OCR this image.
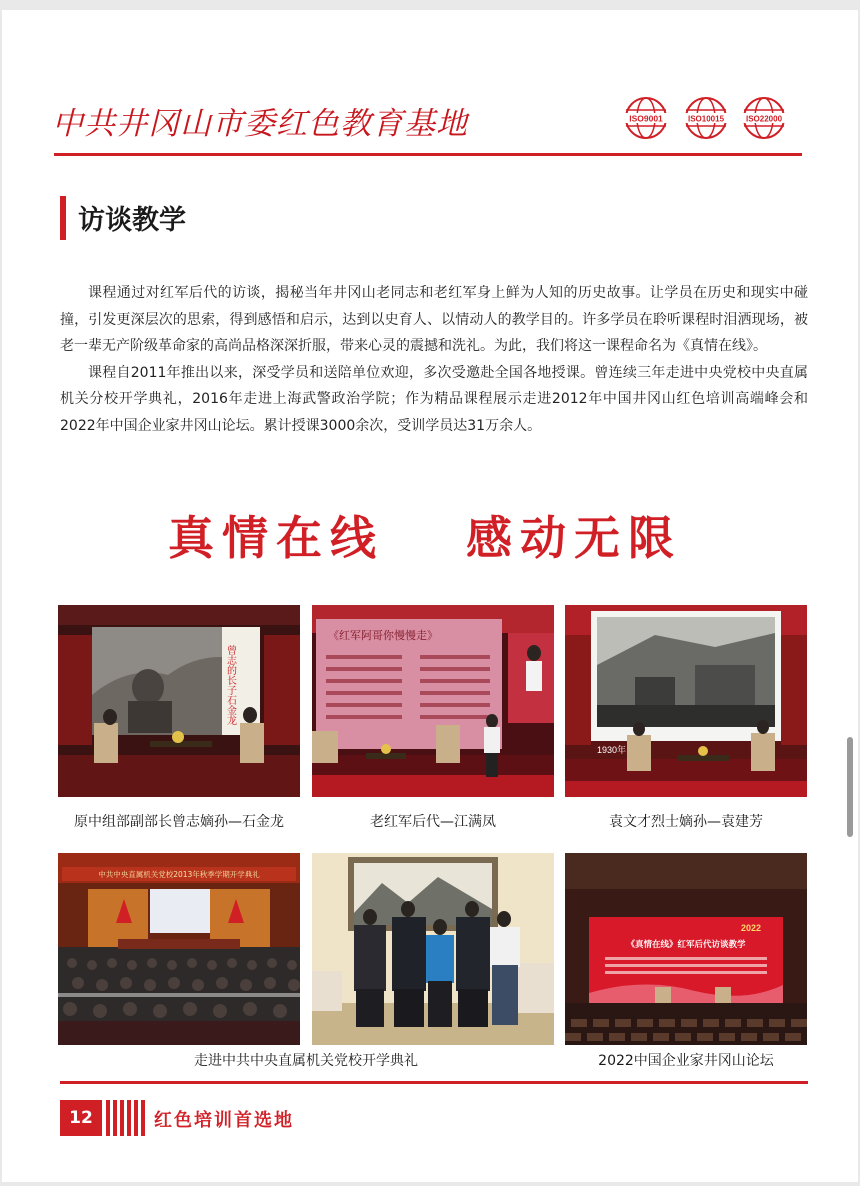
中共井冈山市委红色教育基地	ISO9001	ISO10015	ISO22000
访谈教学

课程通过对红军后代的访谈，揭秘当年井冈山老同志和老红军身上鲜为人知的历史故事。让学员在历史和现实中碰撞，引发更深层次的思索，得到感悟和启示，达到以史育人、以情动人的教学目的。许多学员在聆听课程时泪洒现场，被老一辈无产阶级革命家的高尚品格深深折服，带来心灵的震撼和洗礼。为此，我们将这一课程命名为《真情在线》。

课程自2011年推出以来，深受学员和送陪单位欢迎，多次受邀赴全国各地授课。曾连续三年走进中央党校中央直属机关分校开学典礼，2016年走进上海武警政治学院；作为精品课程展示走进2012年中国井冈山红色培训高端峰会和2022年中国企业家井冈山论坛。累计授课3000余次，受训学员达31万余人。

真情在线 感动无限
曾志的长子石金龙
《红军阿哥你慢慢走》
1930年
原中组部副部长曾志嫡孙—石金龙	老红军后代—江满凤	袁文才烈士嫡孙—袁建芳
中共中央直属机关党校2013年秋季学期开学典礼
2022
《真情在线》红军后代访谈教学
走进中共中央直属机关党校开学典礼	2022中国企业家井冈山论坛
12	红色培训首选地
